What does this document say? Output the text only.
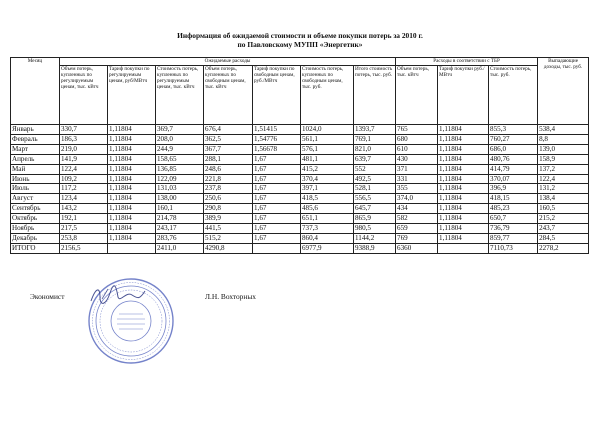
Информация об ожидаемой стоимости и объеме покупки потерь за 2010 г.
по Павловскому МУПП «Энергетик»
Месяц	Ожидаемые расходы							Расходы в соответствии с ТБР			Выпадающие доходы, тыс. руб.
	Объем потерь, купленных по регулируемым ценам, тыс. кВтч	Тариф покупки по регулируемым ценам, руб/МВтч	Стоимость потерь, купленных по регулируемым ценам, тыс. кВтч	Объем потерь, купленных по свободным ценам, тыс. кВтч	Тариф покупки по свободным ценам, руб./МВтч	Стоимость потерь, купленных по свободным ценам, тыс. руб.	Итого стоимость потерь, тыс. руб.	Объем потерь, тыс. кВтч	Тариф покупки руб./МВтч	Стоимость потерь, тыс. руб.	
Январь	330,7	1,11804	369,7	676,4	1,51415	1024,0	1393,7	765	1,11804	855,3	538,4
Февраль	186,3	1,11804	208,0	362,5	1,54776	561,1	769,1	680	1,11804	760,27	8,8
Март	219,0	1,11804	244,9	367,7	1,56678	576,1	821,0	610	1,11804	686,0	139,0
Апрель	141,9	1,11804	158,65	288,1	1,67	481,1	639,7	430	1,11804	480,76	158,9
Май	122,4	1,11804	136,85	248,6	1,67	415,2	552	371	1,11804	414,79	137,2
Июнь	109,2	1,11804	122,09	221,8	1,67	370,4	492,5	331	1,11804	370,07	122,4
Июль	117,2	1,11804	131,03	237,8	1,67	397,1	528,1	355	1,11804	396,9	131,2
Август	123,4	1,11804	138,00	250,6	1,67	418,5	556,5	374,0	1,11804	418,15	138,4
Сентябрь	143,2	1,11804	160,1	290,8	1,67	485,6	645,7	434	1,11804	485,23	160,5
Октябрь	192,1	1,11804	214,78	389,9	1,67	651,1	865,9	582	1,11804	650,7	215,2
Ноябрь	217,5	1,11804	243,17	441,5	1,67	737,3	980,5	659	1,11804	736,79	243,7
Декабрь	253,8	1,11804	283,76	515,2	1,67	860,4	1144,2	769	1,11804	859,77	284,5
ИТОГО	2156,5		2411,0	4290,8		6977,9	9388,9	6360		7110,73	2278,2
Экономист	Л.Н. Вохторных
